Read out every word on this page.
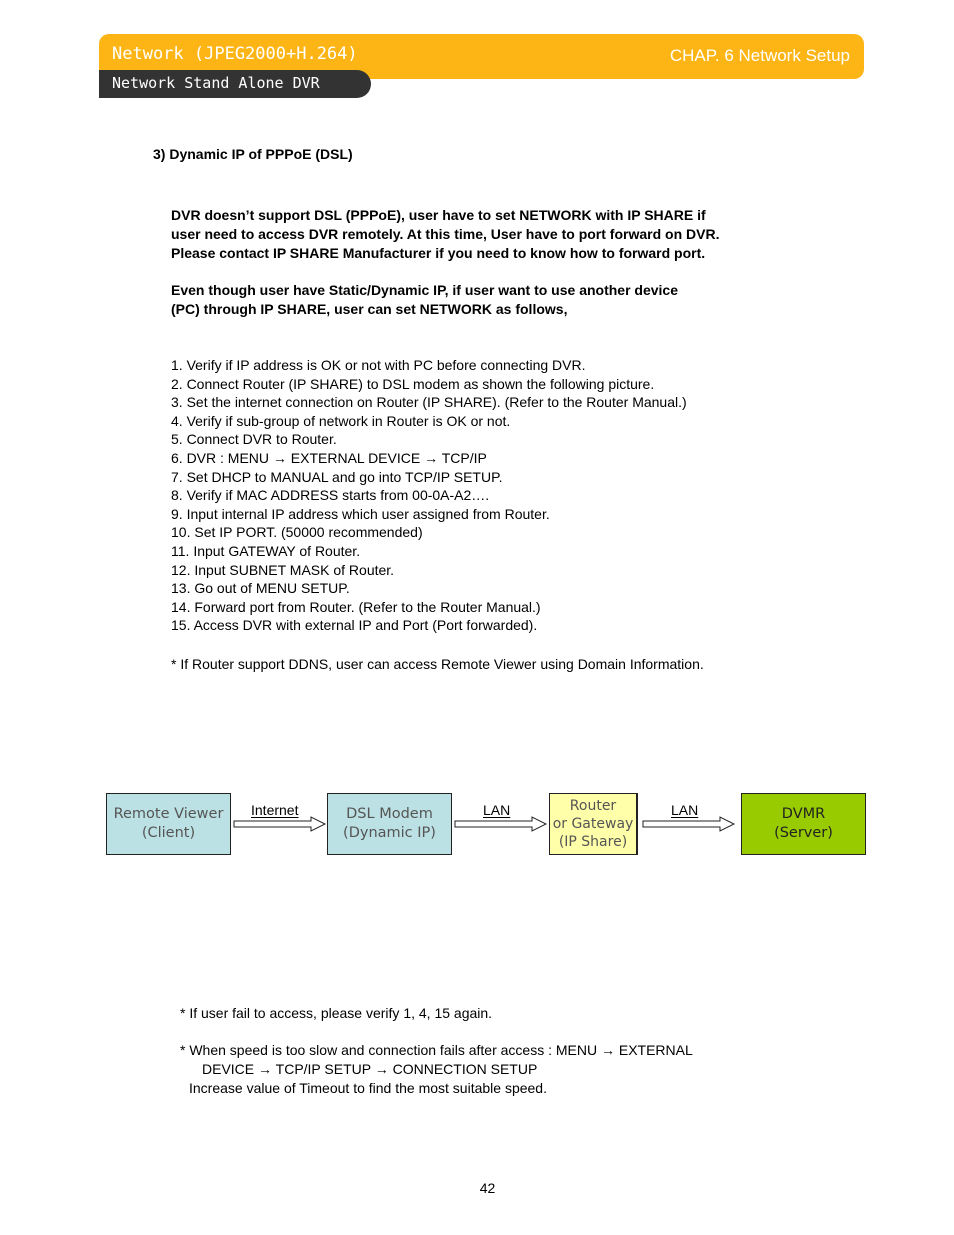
Network (JPEG2000+H.264)	CHAP. 6 Network Setup
Network Stand Alone DVR
3) Dynamic IP of PPPoE (DSL)
DVR doesn’t support DSL (PPPoE), user have to set NETWORK with IP SHARE if
user need to access DVR remotely. At this time, User have to port forward on DVR.
Please contact IP SHARE Manufacturer if you need to know how to forward port.
Even though user have Static/Dynamic IP, if user want to use another device
(PC) through IP SHARE, user can set NETWORK as follows,
1. Verify if IP address is OK or not with PC before connecting DVR.
2. Connect Router (IP SHARE) to DSL modem as shown the following picture.
3. Set the internet connection on Router (IP SHARE). (Refer to the Router Manual.)
4. Verify if sub-group of network in Router is OK or not.
5. Connect DVR to Router.
6. DVR : MENU → EXTERNAL DEVICE → TCP/IP
7. Set DHCP to MANUAL and go into TCP/IP SETUP.
8. Verify if MAC ADDRESS starts from 00-0A-A2….
9. Input internal IP address which user assigned from Router.
10. Set IP PORT. (50000 recommended)
11. Input GATEWAY of Router.
12. Input SUBNET MASK of Router.
13. Go out of MENU SETUP.
14. Forward port from Router. (Refer to the Router Manual.)
15. Access DVR with external IP and Port (Port forwarded).
* If Router support DDNS, user can access Remote Viewer using Domain Information.
Remote Viewer
(Client)
Internet	DSL Modem
(Dynamic IP)
LAN	Router
or Gateway
(IP Share)
LAN	DVMR
(Server)
* If user fail to access, please verify 1, 4, 15 again.
* When speed is too slow and connection fails after access : MENU → EXTERNAL
DEVICE → TCP/IP SETUP → CONNECTION SETUP
Increase value of Timeout to find the most suitable speed.
42
